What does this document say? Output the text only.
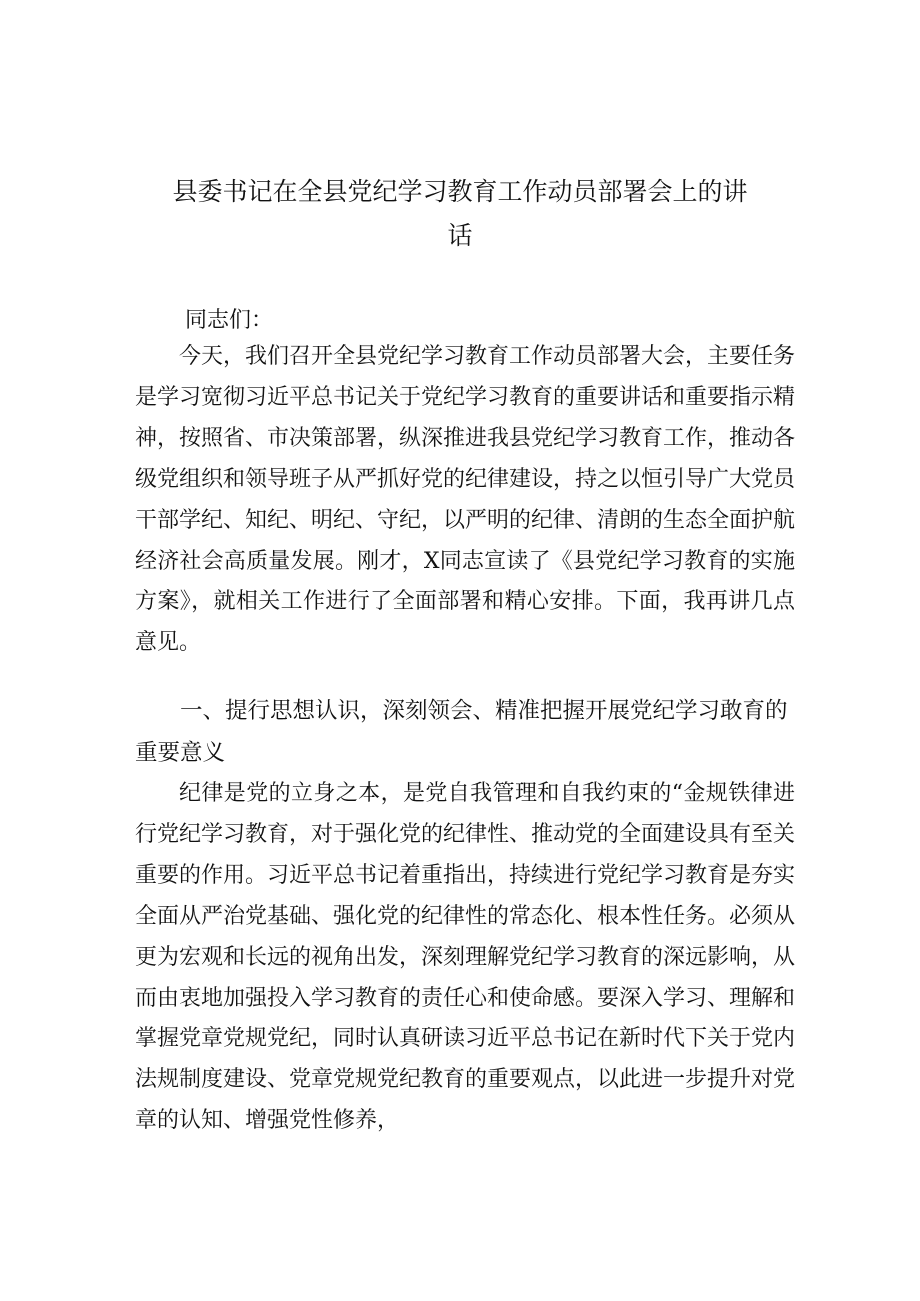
县委书记在全县党纪学习教育工作动员部署会上的讲
话

同志们：

今天，我们召开全县党纪学习教育工作动员部署大会，主要任务是学习宽彻习近平总书记关于党纪学习教育的重要讲话和重要指示精神，按照省、市决策部署，纵深推进我县党纪学习教育工作，推动各级党组织和领导班子从严抓好党的纪律建设，持之以恒引导广大党员干部学纪、知纪、明纪、守纪，以严明的纪律、清朗的生态全面护航经济社会高质量发展。刚才，X同志宣读了《县党纪学习教育的实施方案》，就相关工作进行了全面部署和精心安排。下面，我再讲几点意见。

一、提行思想认识，深刻领会、精准把握开展党纪学习敢育的重要意义

纪律是党的立身之本，是党自我管理和自我约束的“金规铁律进行党纪学习教育，对于强化党的纪律性、推动党的全面建设具有至关重要的作用。习近平总书记着重指出，持续进行党纪学习教育是夯实全面从严治党基础、强化党的纪律性的常态化、根本性任务。必须从更为宏观和长远的视角出发，深刻理解党纪学习教育的深远影响，从而由衷地加强投入学习教育的责任心和使命感。要深入学习、理解和掌握党章党规党纪，同时认真研读习近平总书记在新时代下关于党内法规制度建设、党章党规党纪教育的重要观点，以此进一步提升对党章的认知、增强党性修养，
